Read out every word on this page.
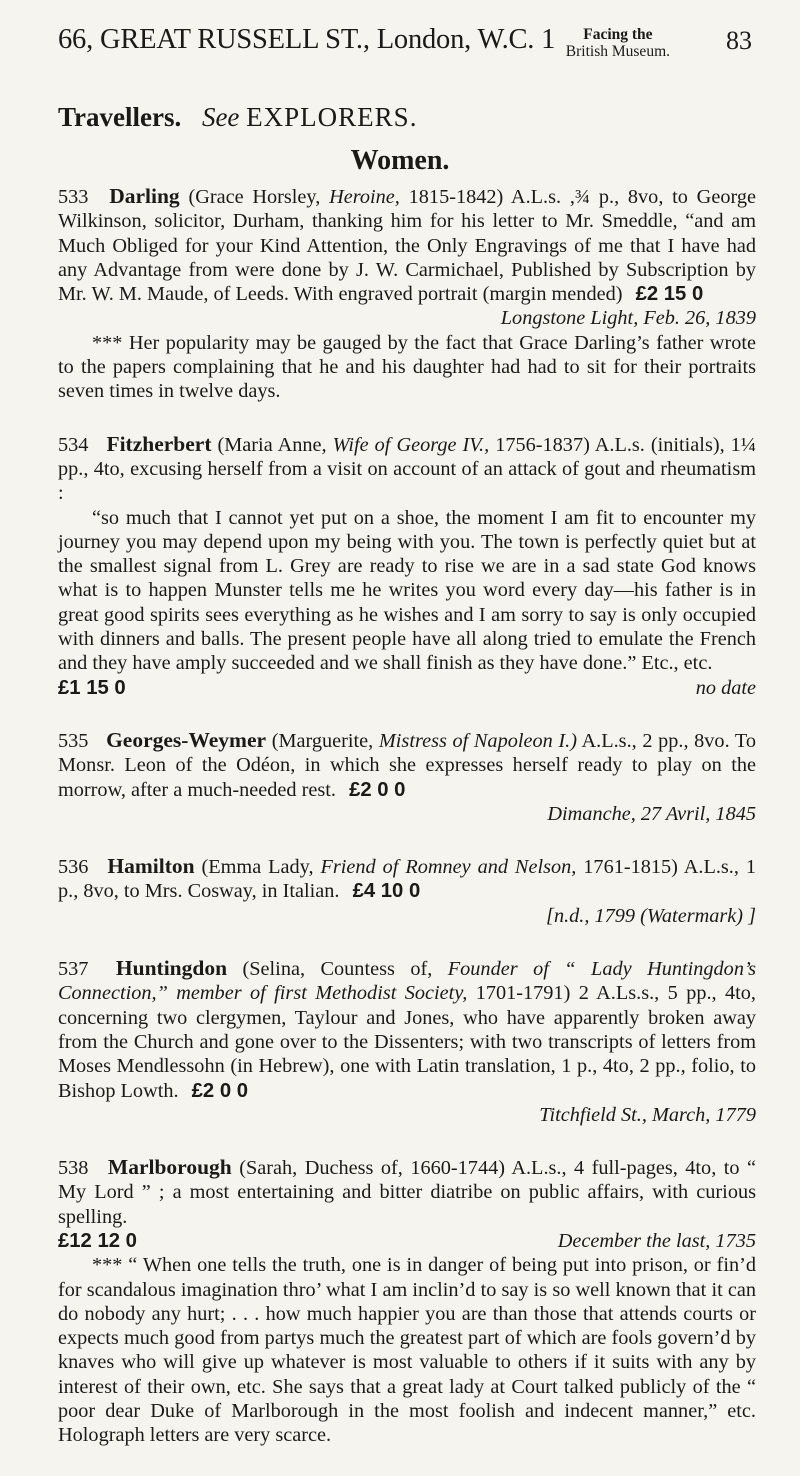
66, GREAT RUSSELL ST., London, W.C. 1	Facing the
British Museum. 83
Travellers. See EXPLORERS.
Women.

533 Darling (Grace Horsley, Heroine, 1815-1842) A.L.s. ,¾ p., 8vo, to George Wilkinson, solicitor, Durham, thanking him for his letter to Mr. Smeddle, “and am Much Obliged for your Kind Attention, the Only Engravings of me that I have had any Advantage from were done by J. W. Carmichael, Published by Subscription by Mr. W. M. Maude, of Leeds. With engraved portrait (margin mended) £2 15 0

Longstone Light, Feb. 26, 1839

*** Her popularity may be gauged by the fact that Grace Darling’s father wrote to the papers complaining that he and his daughter had had to sit for their portraits seven times in twelve days.

534 Fitzherbert (Maria Anne, Wife of George IV., 1756-1837) A.L.s. (initials), 1¼ pp., 4to, excusing herself from a visit on account of an attack of gout and rheumatism :

“so much that I cannot yet put on a shoe, the moment I am fit to encounter my journey you may depend upon my being with you. The town is perfectly quiet but at the smallest signal from L. Grey are ready to rise we are in a sad state God knows what is to happen Munster tells me he writes you word every day—his father is in great good spirits sees everything as he wishes and I am sorry to say is only occupied with dinners and balls. The present people have all along tried to emulate the French and they have amply succeeded and we shall finish as they have done.” Etc., etc.

£1 15 0	no date

535 Georges-Weymer (Marguerite, Mistress of Napoleon I.) A.L.s., 2 pp., 8vo. To Monsr. Leon of the Odéon, in which she expresses herself ready to play on the morrow, after a much-needed rest. £2 0 0

Dimanche, 27 Avril, 1845

536 Hamilton (Emma Lady, Friend of Romney and Nelson, 1761-1815) A.L.s., 1 p., 8vo, to Mrs. Cosway, in Italian. £4 10 0

[n.d., 1799 (Watermark) ]

537 Huntingdon (Selina, Countess of, Founder of “ Lady Huntingdon’s Connection,” member of first Methodist Society, 1701-1791) 2 A.Ls.s., 5 pp., 4to, concerning two clergymen, Taylour and Jones, who have apparently broken away from the Church and gone over to the Dissenters; with two transcripts of letters from Moses Mendlessohn (in Hebrew), one with Latin translation, 1 p., 4to, 2 pp., folio, to Bishop Lowth. £2 0 0

Titchfield St., March, 1779

538 Marlborough (Sarah, Duchess of, 1660-1744) A.L.s., 4 full-pages, 4to, to “ My Lord ” ; a most entertaining and bitter diatribe on public affairs, with curious spelling.

£12 12 0	December the last, 1735

*** “ When one tells the truth, one is in danger of being put into prison, or fin’d for scandalous imagination thro’ what I am inclin’d to say is so well known that it can do nobody any hurt; . . . how much happier you are than those that attends courts or expects much good from partys much the greatest part of which are fools govern’d by knaves who will give up whatever is most valuable to others if it suits with any by interest of their own, etc. She says that a great lady at Court talked publicly of the “ poor dear Duke of Marlborough in the most foolish and indecent manner,” etc. Holograph letters are very scarce.
